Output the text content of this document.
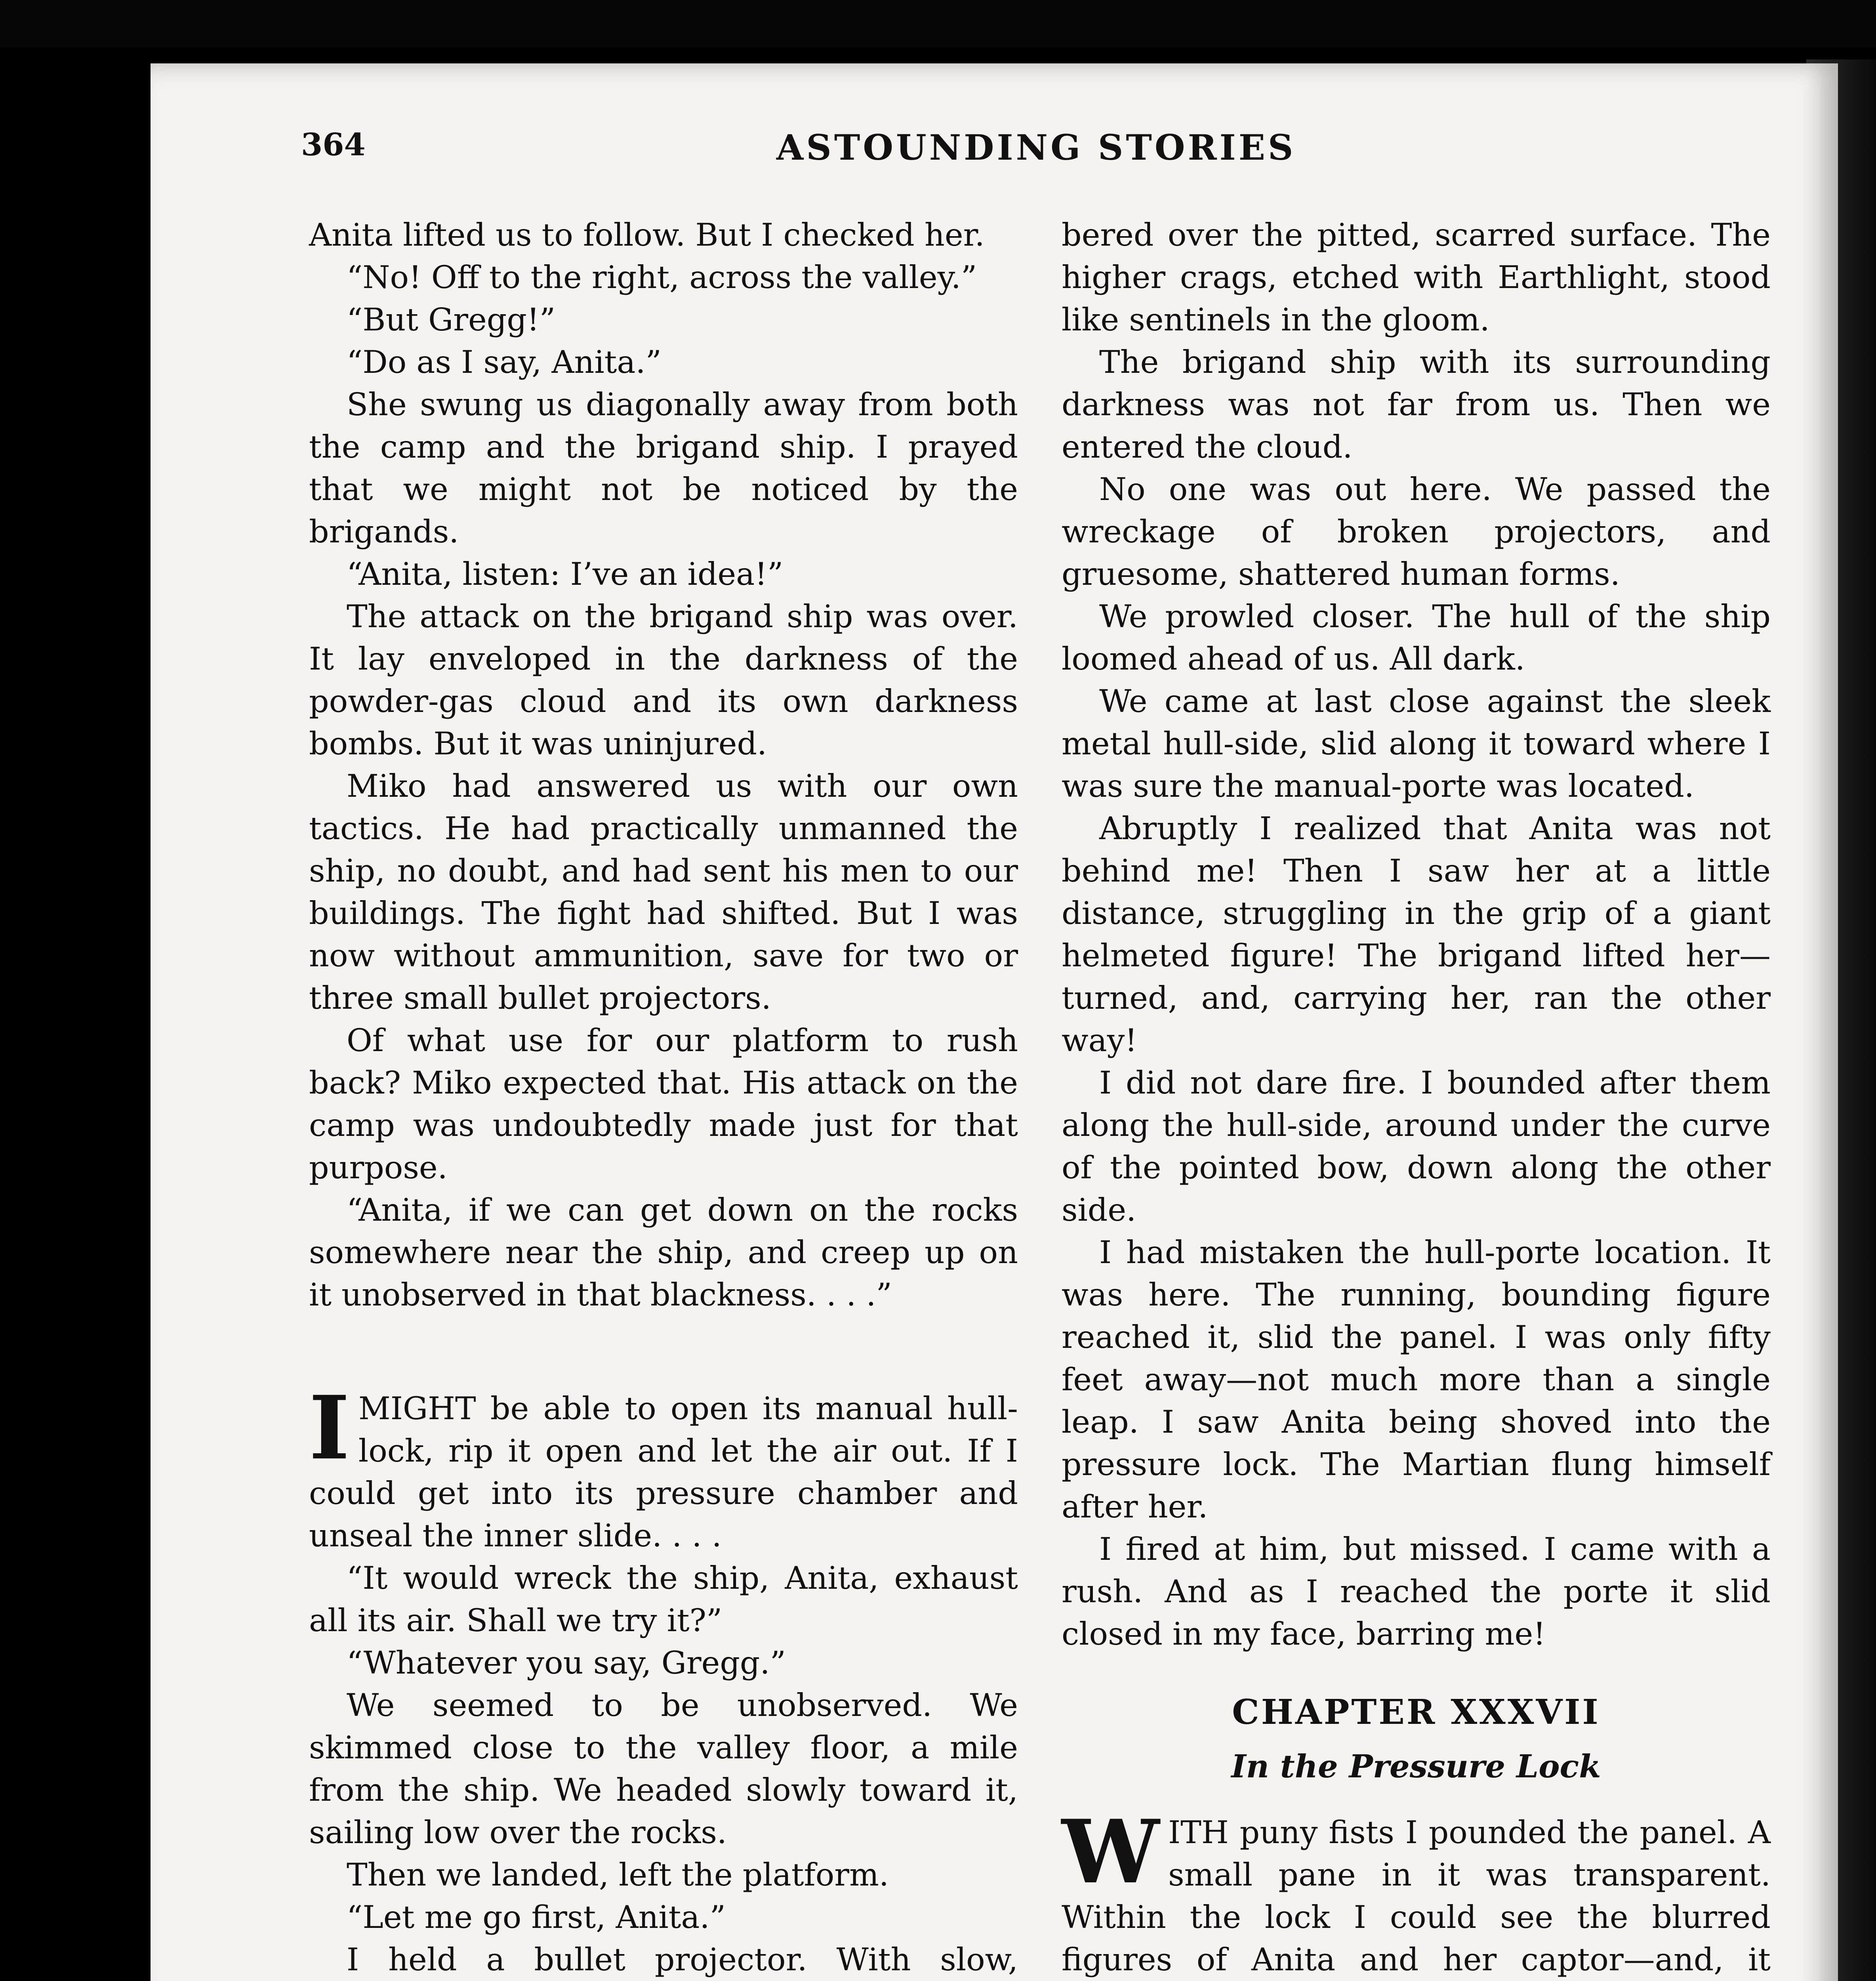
364	ASTOUNDING STORIES

Anita lifted us to follow. But I checked her.

“No! Off to the right, across the valley.”

“But Gregg!”

“Do as I say, Anita.”

She swung us diagonally away from both the camp and the brigand ship. I prayed that we might not be noticed by the brigands.

“Anita, listen: I’ve an idea!”

The attack on the brigand ship was over. It lay enveloped in the darkness of the powder-gas cloud and its own darkness bombs. But it was uninjured.

Miko had answered us with our own tactics. He had practically unmanned the ship, no doubt, and had sent his men to our buildings. The fight had shifted. But I was now without ammunition, save for two or three small bullet projectors.

Of what use for our platform to rush back? Miko expected that. His attack on the camp was undoubtedly made just for that purpose.

“Anita, if we can get down on the rocks somewhere near the ship, and creep up on it unobserved in that blackness. . . .”

IMIGHT be able to open its manual hull-lock, rip it open and let the air out. If I could get into its pressure chamber and unseal the inner slide. . . .

“It would wreck the ship, Anita, exhaust all its air. Shall we try it?”

“Whatever you say, Gregg.”

We seemed to be unobserved. We skimmed close to the valley floor, a mile from the ship. We headed slowly toward it, sailing low over the rocks.

Then we landed, left the platform.

“Let me go first, Anita.”

I held a bullet projector. With slow,

bered over the pitted, scarred surface. The higher crags, etched with Earthlight, stood like sentinels in the gloom.

The brigand ship with its surrounding darkness was not far from us. Then we entered the cloud.

No one was out here. We passed the wreckage of broken projectors, and gruesome, shattered human forms.

We prowled closer. The hull of the ship loomed ahead of us. All dark.

We came at last close against the sleek metal hull-side, slid along it toward where I was sure the manual-porte was located.

Abruptly I realized that Anita was not behind me! Then I saw her at a little distance, struggling in the grip of a giant helmeted figure! The brigand lifted her—turned, and, carrying her, ran the other way!

I did not dare fire. I bounded after them along the hull-side, around under the curve of the pointed bow, down along the other side.

I had mistaken the hull-porte location. It was here. The running, bounding figure reached it, slid the panel. I was only fifty feet away—not much more than a single leap. I saw Anita being shoved into the pressure lock. The Martian flung himself after her.

I fired at him, but missed. I came with a rush. And as I reached the porte it slid closed in my face, barring me!

CHAPTER XXXVII
In the Pressure Lock

WITH puny fists I pounded the panel. A small pane in it was transparent. Within the lock I could see the blurred figures of Anita and her captor—and, it
